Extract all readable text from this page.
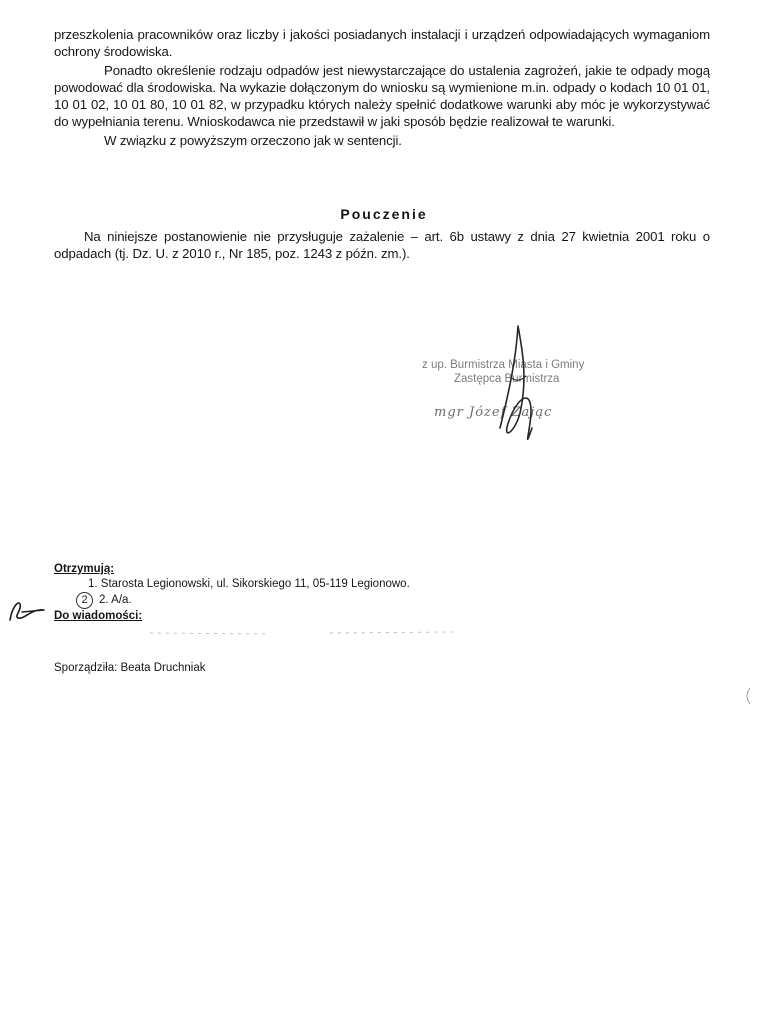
przeszkolenia pracowników oraz liczby i jakości posiadanych instalacji i urządzeń odpowiadających wymaganiom ochrony środowiska.

Ponadto określenie rodzaju odpadów jest niewystarczające do ustalenia zagrożeń, jakie te odpady mogą powodować dla środowiska. Na wykazie dołączonym do wniosku są wymienione m.in. odpady o kodach 10 01 01, 10 01 02, 10 01 80, 10 01 82, w przypadku których należy spełnić dodatkowe warunki aby móc je wykorzystywać do wypełniania terenu. Wnioskodawca nie przedstawił w jaki sposób będzie realizował te warunki.

W związku z powyższym orzeczono jak w sentencji.

Pouczenie

Na niniejsze postanowienie nie przysługuje zażalenie – art. 6b ustawy z dnia 27 kwietnia 2001 roku o odpadach (tj. Dz. U. z 2010 r., Nr 185, poz. 1243 z późn. zm.).

z up. Burmistrza Miasta i Gminy
Zastępca Burmistrza
mgr Józef Zając
Otrzymują:
1. Starosta Legionowski, ul. Sikorskiego 11, 05-119 Legionowo.
2 2. A/a.
Do wiadomości:
Sporządziła: Beata Druchniak
